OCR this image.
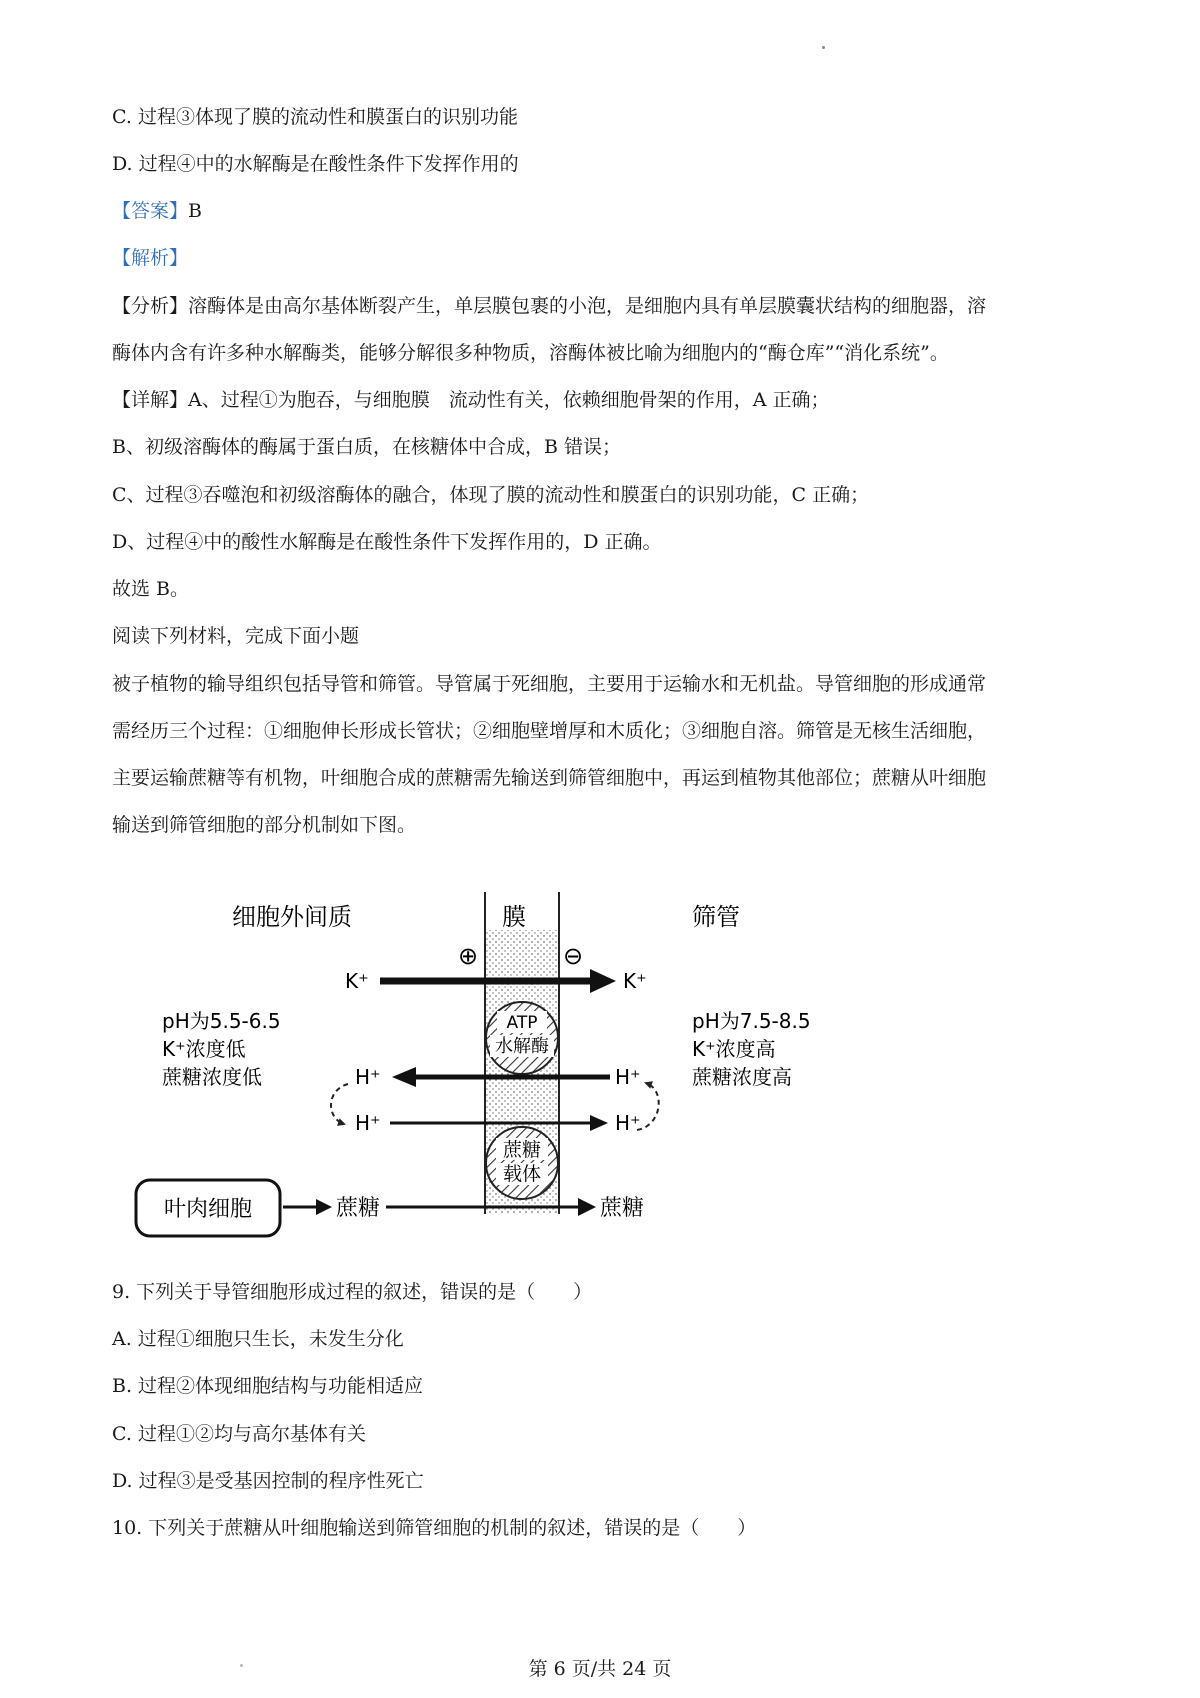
C. 过程③体现了膜的流动性和膜蛋白的识别功能
D. 过程④中的水解酶是在酸性条件下发挥作用的
【答案】B
【解析】
【分析】溶酶体是由高尔基体断裂产生，单层膜包裹的小泡，是细胞内具有单层膜囊状结构的细胞器，溶
酶体内含有许多种水解酶类，能够分解很多种物质，溶酶体被比喻为细胞内的“酶仓库”“消化系统”。
【详解】A、过程①为胞吞，与细胞膜　流动性有关，依赖细胞骨架的作用，A 正确；
B、初级溶酶体的酶属于蛋白质，在核糖体中合成，B 错误；
C、过程③吞噬泡和初级溶酶体的融合，体现了膜的流动性和膜蛋白的识别功能，C 正确；
D、过程④中的酸性水解酶是在酸性条件下发挥作用的，D 正确。
故选 B。
阅读下列材料，完成下面小题
被子植物的输导组织包括导管和筛管。导管属于死细胞，主要用于运输水和无机盐。导管细胞的形成通常
需经历三个过程：①细胞伸长形成长管状；②细胞壁增厚和木质化；③细胞自溶。筛管是无核生活细胞，
主要运输蔗糖等有机物，叶细胞合成的蔗糖需先输送到筛管细胞中，再运到植物其他部位；蔗糖从叶细胞
输送到筛管细胞的部分机制如下图。
细胞外间质	膜	筛管
⊕	⊖
K⁺	K⁺
ATP
水解酶
pH为5.5-6.5
K⁺浓度低
蔗糖浓度低
pH为7.5-8.5
K⁺浓度高
蔗糖浓度高
H⁺	H⁺
H⁺	H⁺
蔗糖
载体
叶肉细胞	蔗糖	蔗糖
9. 下列关于导管细胞形成过程的叙述，错误的是（　　）
A. 过程①细胞只生长，未发生分化
B. 过程②体现细胞结构与功能相适应
C. 过程①②均与高尔基体有关
D. 过程③是受基因控制的程序性死亡
10. 下列关于蔗糖从叶细胞输送到筛管细胞的机制的叙述，错误的是（　　）
第 6 页/共 24 页
